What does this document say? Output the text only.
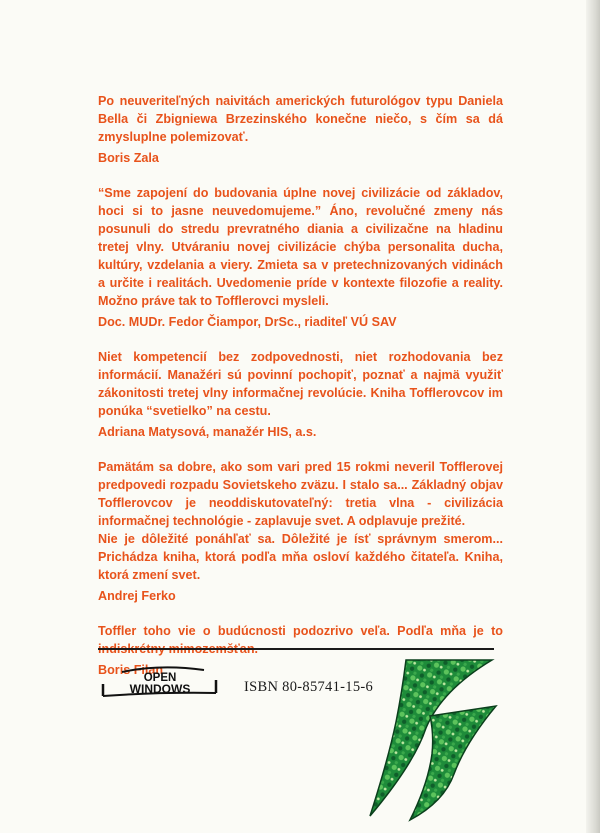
Po neuveriteľných naivitách amerických futurológov typu Daniela Bella či Zbigniewa Brzezinského konečne niečo, s čím sa dá zmysluplne polemizovať.

Boris Zala

“Sme zapojení do budovania úplne novej civilizácie od základov, hoci si to jasne neuvedomujeme.” Áno, revolučné zmeny nás posunuli do stredu prevratného diania a civilizačne na hladinu tretej vlny. Utváraniu novej civilizácie chýba personalita ducha, kultúry, vzdelania a viery. Zmieta sa v pretechnizovaných vidinách a určite i realitách. Uvedomenie príde v kontexte filozofie a reality. Možno práve tak to Tofflerovci mysleli.

Doc. MUDr. Fedor Čiampor, DrSc., riaditeľ VÚ SAV

Niet kompetencií bez zodpovednosti, niet rozhodovania bez informácií. Manažéri sú povinní pochopiť, poznať a najmä využiť zákonitosti tretej vlny informačnej revolúcie. Kniha Tofflerovcov im ponúka “svetielko” na cestu.

Adriana Matysová, manažér HIS, a.s.

Pamätám sa dobre, ako som vari pred 15 rokmi neveril Tofflerovej predpovedi rozpadu Sovietskeho zväzu. I stalo sa... Základný objav Tofflerovcov je neoddiskutovateľný: tretia vlna - civilizácia informačnej technológie - zaplavuje svet. A odplavuje prežité.

Nie je dôležité ponáhľať sa. Dôležité je ísť správnym smerom... Prichádza kniha, ktorá podľa mňa osloví každého čitateľa. Kniha, ktorá zmení svet.

Andrej Ferko

Toffler toho vie o budúcnosti podozrivo veľa. Podľa mňa je to

Boris Filan

OPEN
WINDOWS	ISBN 80-85741-15-6
